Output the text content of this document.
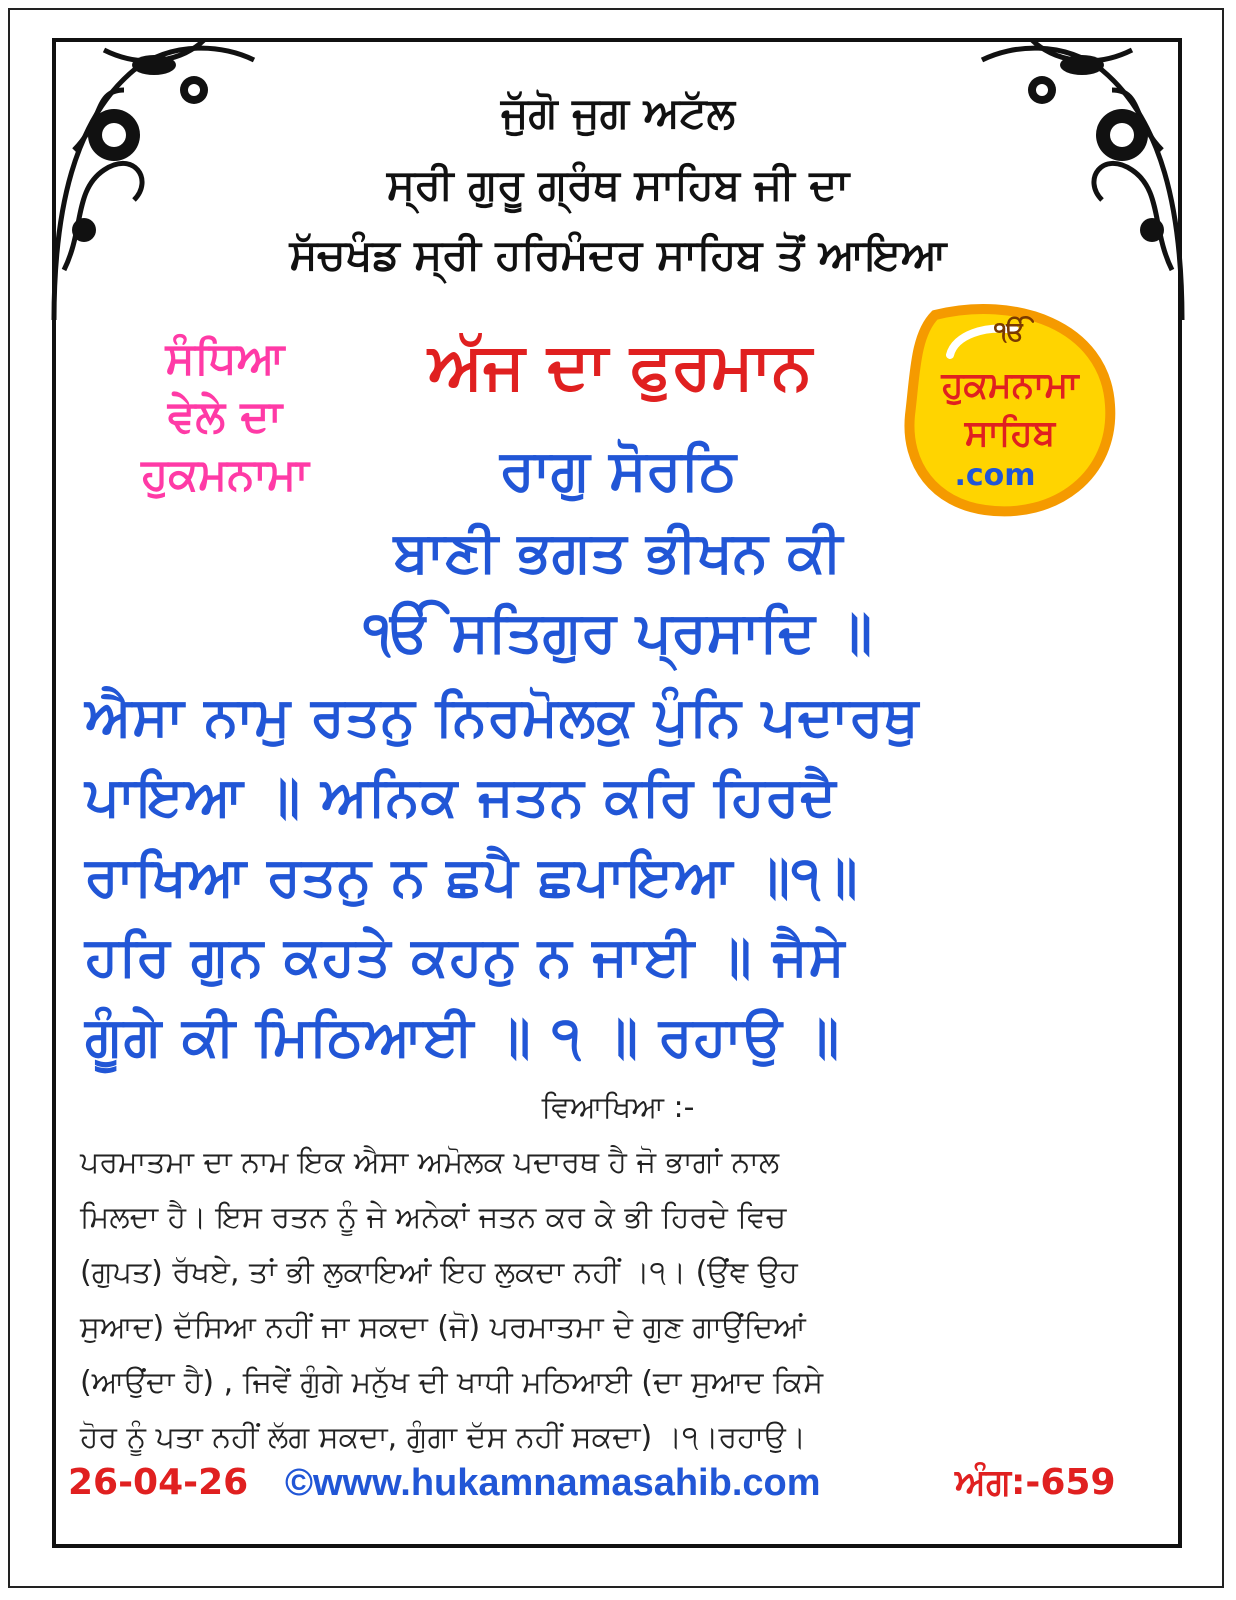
ਜੁੱਗੋ ਜੁਗ ਅਟੱਲ
ਸ੍ਰੀ ਗੁਰੂ ਗ੍ਰੰਥ ਸਾਹਿਬ ਜੀ ਦਾ
ਸੱਚਖੰਡ ਸ੍ਰੀ ਹਰਿਮੰਦਰ ਸਾਹਿਬ ਤੋਂ ਆਇਆ
ਸੰਧਿਆ
ਵੇਲੇ ਦਾ
ਹੁਕਮਨਾਮਾ
ਅੱਜ ਦਾ ਫੁਰਮਾਨ	ੴ
ਹੁਕਮਨਾਮਾ
ਸਾਹਿਬ
.com
ਰਾਗੁ ਸੋਰਠਿ
ਬਾਣੀ ਭਗਤ ਭੀਖਨ ਕੀ
ੴ ਸਤਿਗੁਰ ਪ੍ਰਸਾਦਿ ॥
ਐਸਾ ਨਾਮੁ ਰਤਨੁ ਨਿਰਮੋਲਕੁ ਪੁੰਨਿ ਪਦਾਰਥੁ
ਪਾਇਆ ॥ ਅਨਿਕ ਜਤਨ ਕਰਿ ਹਿਰਦੈ
ਰਾਖਿਆ ਰਤਨੁ ਨ ਛਪੈ ਛਪਾਇਆ ॥੧॥
ਹਰਿ ਗੁਨ ਕਹਤੇ ਕਹਨੁ ਨ ਜਾਈ ॥ ਜੈਸੇ
ਗੂੰਗੇ ਕੀ ਮਿਠਿਆਈ ॥ ੧ ॥ ਰਹਾਉ ॥
ਵਿਆਖਿਆ :-
ਪਰਮਾਤਮਾ ਦਾ ਨਾਮ ਇਕ ਐਸਾ ਅਮੋਲਕ ਪਦਾਰਥ ਹੈ ਜੋ ਭਾਗਾਂ ਨਾਲ
ਮਿਲਦਾ ਹੈ। ਇਸ ਰਤਨ ਨੂੰ ਜੇ ਅਨੇਕਾਂ ਜਤਨ ਕਰ ਕੇ ਭੀ ਹਿਰਦੇ ਵਿਚ
(ਗੁਪਤ) ਰੱਖਏ, ਤਾਂ ਭੀ ਲੁਕਾਇਆਂ ਇਹ ਲੁਕਦਾ ਨਹੀਂ ।੧। (ਉਂਞ ਉਹ
ਸੁਆਦ) ਦੱਸਿਆ ਨਹੀਂ ਜਾ ਸਕਦਾ (ਜੋ) ਪਰਮਾਤਮਾ ਦੇ ਗੁਣ ਗਾਉਂਦਿਆਂ
(ਆਉਂਦਾ ਹੈ) , ਜਿਵੇਂ ਗੁੰਗੇ ਮਨੁੱਖ ਦੀ ਖਾਧੀ ਮਠਿਆਈ (ਦਾ ਸੁਆਦ ਕਿਸੇ
ਹੋਰ ਨੂੰ ਪਤਾ ਨਹੀਂ ਲੱਗ ਸਕਦਾ, ਗੁੰਗਾ ਦੱਸ ਨਹੀਂ ਸਕਦਾ) ।੧।ਰਹਾਉ।
26-04-26 ©www.hukamnamasahib.com	ਅੰਗ:-659
